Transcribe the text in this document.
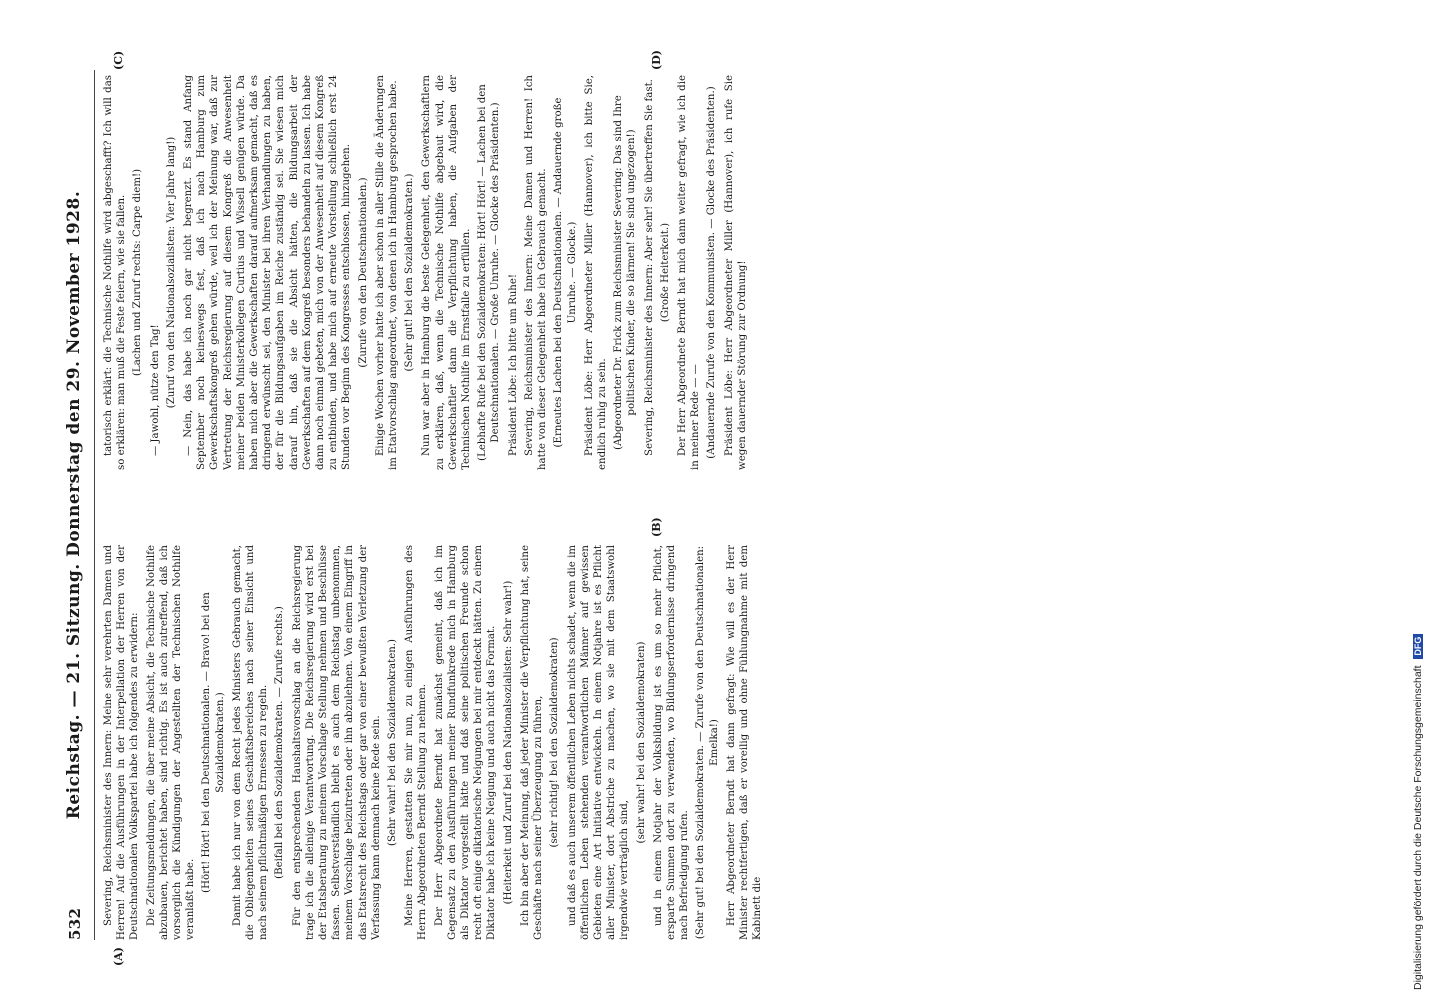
532
Reichstag. — 21. Sitzung. Donnerstag den 29. November 1928. Severing, Reichsminister des Innern: Meine sehr verehrten Damen und Herren! Auf die Ausführungen in der Interpellation der Herren von der Deutschnationalen Volkspartei habe ich folgendes zu erwidern: Die Zeitungsmeldungen, die über meine Absicht, die Technische Nothilfe abzubauen, berichtet haben, sind richtig. Es ist auch zutreffend, daß ich vorsorglich die Kündigungen der Angestellten der Technischen Nothilfe veranlaßt habe.
(Hört! Hört! bei den Deutschnationalen. — Bravo! bei den Sozialdemokraten.) Damit habe ich nur von dem Recht jedes Ministers Gebrauch gemacht, die Obliegenheiten seines Geschäftsbereiches nach seiner Einsicht und nach seinem pflichtmäßigen Ermessen zu regeln. (Beifall bei den Sozialdemokraten. — Zurufe rechts.) Für den entsprechenden Haushaltsvorschlag an die Reichsregierung trage ich die alleinige Verantwortung. Die Reichsregierung wird erst bei der Etatsberatung zu meinem Vorschlage Stellung nehmen und Beschlüsse fassen. Selbstverständlich bleibt es auch dem Reichstag unbenommen, meinem Vorschlage beizutreten oder ihn abzulehnen. Von einem Eingriff in das Etatsrecht des Reichstags oder gar von einer bewußten Verletzung der Verfassung kann demnach keine Rede sein. (Sehr wahr! bei den Sozialdemokraten.) Meine Herren, gestatten Sie mir nun, zu einigen Ausführungen des Herrn Abgeordneten Berndt Stellung zu nehmen. Der Herr Abgeordnete Berndt hat zunächst gemeint, daß ich im Gegensatz zu den Ausführungen meiner Rundfunkrede mich in Hamburg als Diktator vorgestellt hätte und daß seine politischen Freunde schon recht oft einige diktatorische Neigungen bei mir entdeckt hätten. Zu einem Diktator habe ich keine Neigung und auch nicht das Format. (Heiterkeit und Zuruf bei den Nationalsozialisten: Sehr wahr!) Ich bin aber der Meinung, daß jeder Minister die Verpflichtung hat, seine Geschäfte nach seiner Überzeugung zu führen, (sehr richtig! bei den Sozialdemokraten) und daß es auch unserem öffentlichen Leben nichts schadet, wenn die im öffentlichen Leben stehenden verantwortlichen Männer auf gewissen Gebieten eine Art Initiative entwickeln. In einem Notjahre ist es Pflicht aller Minister, dort Abstriche zu machen, wo sie mit dem Staatswohl irgendwie verträglich sind,
(sehr wahr! bei den Sozialdemokraten) und in einem Notjahr der Volksbildung ist es um so mehr Pflicht, ersparte Summen dort zu verwenden, wo Bildungserfordernisse dringend nach Befriedigung rufen. (Sehr gut! bei den Sozialdemokraten. — Zurufe von den Deutschnationalen: Emelka!) Herr Abgeordneter Berndt hat dann gefragt: Wie will es der Herr Minister rechtfertigen, daß er voreilig und ohne Fühlungnahme mit dem Kabinett die
tatorisch erklärt: die Technische Nothilfe wird abgeschafft? Ich will das so erklären: man muß die Feste feiern, wie sie fallen. (Lachen und Zuruf rechts: Carpe diem!)
— Jawohl, nütze den Tag! (Zuruf von den Nationalsozialisten: Vier Jahre lang!) — Nein, das habe ich noch gar nicht begrenzt. Es stand Anfang September noch keineswegs fest, daß ich nach Hamburg zum Gewerkschaftskongreß gehen würde, weil ich der Meinung war, daß zur Vertretung der Reichsregierung auf diesem Kongreß die Anwesenheit meiner beiden Ministerkollegen Curtius und Wissell genügen würde. Da haben mich aber die Gewerkschaften darauf aufmerksam gemacht, daß es dringend erwünscht sei, den Minister bei ihren Verhandlungen zu haben, der für die Bildungsaufgaben im Reiche zuständig sei. Sie wiesen mich darauf hin, daß sie die Absicht hätten, die Bildungsarbeit der Gewerkschaften auf dem Kongreß besonders behandeln zu lassen. Ich habe dann noch einmal gebeten, mich von der Anwesenheit auf diesem Kongreß zu entbinden, und habe mich auf erneute Vorstellung schließlich erst 24 Stunden vor Beginn des Kongresses entschlossen, hinzugehen. (Zurufe von den Deutschnationalen.) Einige Wochen vorher hatte ich aber schon in aller Stille die Änderungen im Etatvorschlag angeordnet, von denen ich in Hamburg gesprochen habe. (Sehr gut! bei den Sozialdemokraten.) Nun war aber in Hamburg die beste Gelegenheit, den Gewerkschaftlern zu erklären, daß, wenn die Technische Nothilfe abgebaut wird, die Gewerkschaftler dann die Verpflichtung haben, die Aufgaben der Technischen Nothilfe im Ernstfalle zu erfüllen. (Lebhafte Rufe bei den Sozialdemokraten: Hört! Hört! — Lachen bei den Deutschnationalen. — Große Unruhe. — Glocke des Präsidenten.) Präsident Löbe: Ich bitte um Ruhe! Severing, Reichsminister des Innern: Meine Damen und Herren! Ich hatte von dieser Gelegenheit habe ich Gebrauch gemacht. (Erneutes Lachen bei den Deutschnationalen. — Andauernde große Unruhe. — Glocke.) Präsident Löbe: Herr Abgeordneter Miller (Hannover), ich bitte Sie, endlich ruhig zu sein. (Abgeordneter Dr. Frick zum Reichsminister Severing: Das sind Ihre politischen Kinder, die so lärmen! Sie sind ungezogen!) Severing, Reichsminister des Innern: Aber sehr! Sie übertreffen Sie fast. (Große Heiterkeit.) Der Herr Abgeordnete Berndt hat mich dann weiter gefragt, wie ich die in meiner Rede — — (Andauernde Zurufe von den Kommunisten. — Glocke des Präsidenten.) Präsident Löbe: Herr Abgeordneter Miller (Hannover), ich rufe Sie wegen dauernder Störung zur Ordnung!
(A)
(B)
(C)	(D)
Digitalisierung gefördert durch die Deutsche Forschungsgemeinschaft DFG
